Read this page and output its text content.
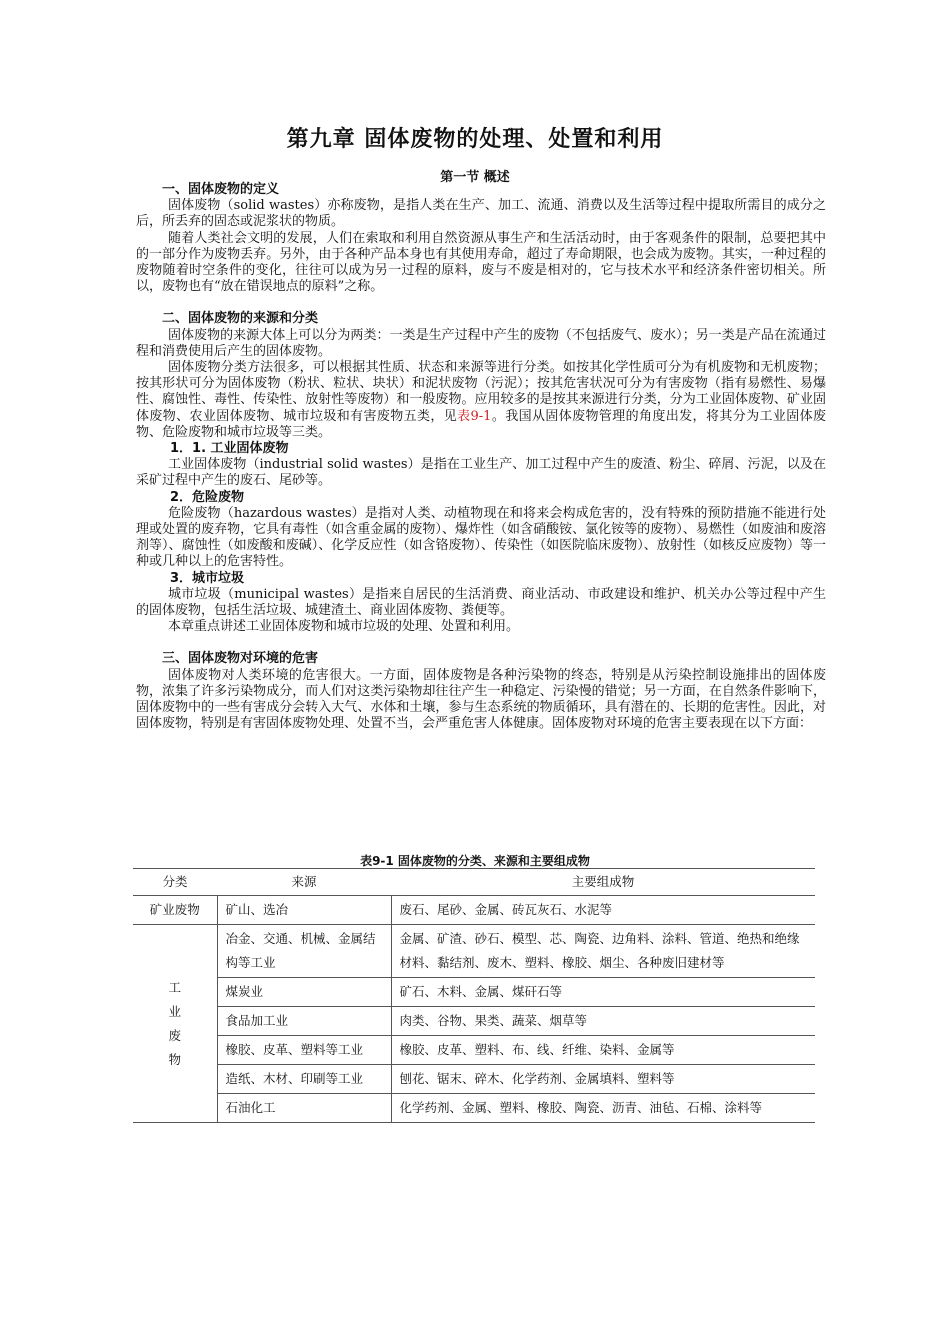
第九章 固体废物的处理、处置和利用
第一节 概述

一、固体废物的定义

固体废物（solid wastes）亦称废物，是指人类在生产、加工、流通、消费以及生活等过程中提取所需目的成分之后，所丢弃的固态或泥浆状的物质。

随着人类社会文明的发展，人们在索取和利用自然资源从事生产和生活活动时，由于客观条件的限制，总要把其中的一部分作为废物丢弃。另外，由于各种产品本身也有其使用寿命，超过了寿命期限，也会成为废物。其实，一种过程的废物随着时空条件的变化，往往可以成为另一过程的原料，废与不废是相对的，它与技术水平和经济条件密切相关。所以，废物也有“放在错误地点的原料”之称。

二、固体废物的来源和分类

固体废物的来源大体上可以分为两类：一类是生产过程中产生的废物（不包括废气、废水）；另一类是产品在流通过程和消费使用后产生的固体废物。

固体废物分类方法很多，可以根据其性质、状态和来源等进行分类。如按其化学性质可分为有机废物和无机废物；按其形状可分为固体废物（粉状、粒状、块状）和泥状废物（污泥）；按其危害状况可分为有害废物（指有易燃性、易爆性、腐蚀性、毒性、传染性、放射性等废物）和一般废物。应用较多的是按其来源进行分类，分为工业固体废物、矿业固体废物、农业固体废物、城市垃圾和有害废物五类，见表9-1。我国从固体废物管理的角度出发，将其分为工业固体废物、危险废物和城市垃圾等三类。

1．1. 工业固体废物

工业固体废物（industrial solid wastes）是指在工业生产、加工过程中产生的废渣、粉尘、碎屑、污泥，以及在采矿过程中产生的废石、尾砂等。

2．危险废物

危险废物（hazardous wastes）是指对人类、动植物现在和将来会构成危害的，没有特殊的预防措施不能进行处理或处置的废弃物，它具有毒性（如含重金属的废物）、爆炸性（如含硝酸铵、氯化铵等的废物）、易燃性（如废油和废溶剂等）、腐蚀性（如废酸和废碱）、化学反应性（如含铬废物）、传染性（如医院临床废物）、放射性（如核反应废物）等一种或几种以上的危害特性。

3．城市垃圾

城市垃圾（municipal wastes）是指来自居民的生活消费、商业活动、市政建设和维护、机关办公等过程中产生的固体废物，包括生活垃圾、城建渣土、商业固体废物、粪便等。

本章重点讲述工业固体废物和城市垃圾的处理、处置和利用。

三、固体废物对环境的危害

固体废物对人类环境的危害很大。一方面，固体废物是各种污染物的终态，特别是从污染控制设施排出的固体废物，浓集了许多污染物成分，而人们对这类污染物却往往产生一种稳定、污染慢的错觉；另一方面，在自然条件影响下，固体废物中的一些有害成分会转入大气、水体和土壤，参与生态系统的物质循环，具有潜在的、长期的危害性。因此，对固体废物，特别是有害固体废物处理、处置不当，会严重危害人体健康。固体废物对环境的危害主要表现在以下方面：

表9-1 固体废物的分类、来源和主要组成物
分类	来源	主要组成物
矿业废物	矿山、选冶	废石、尾砂、金属、砖瓦灰石、水泥等
工
业
废
物	冶金、交通、机械、金属结构等工业	金属、矿渣、砂石、模型、芯、陶瓷、边角料、涂料、管道、绝热和绝缘材料、黏结剂、废木、塑料、橡胶、烟尘、各种废旧建材等
	煤炭业	矿石、木料、金属、煤矸石等
	食品加工业	肉类、谷物、果类、蔬菜、烟草等
	橡胶、皮革、塑料等工业	橡胶、皮革、塑料、布、线、纤维、染料、金属等
	造纸、木材、印刷等工业	刨花、锯末、碎木、化学药剂、金属填料、塑料等
	石油化工	化学药剂、金属、塑料、橡胶、陶瓷、沥青、油毡、石棉、涂料等
